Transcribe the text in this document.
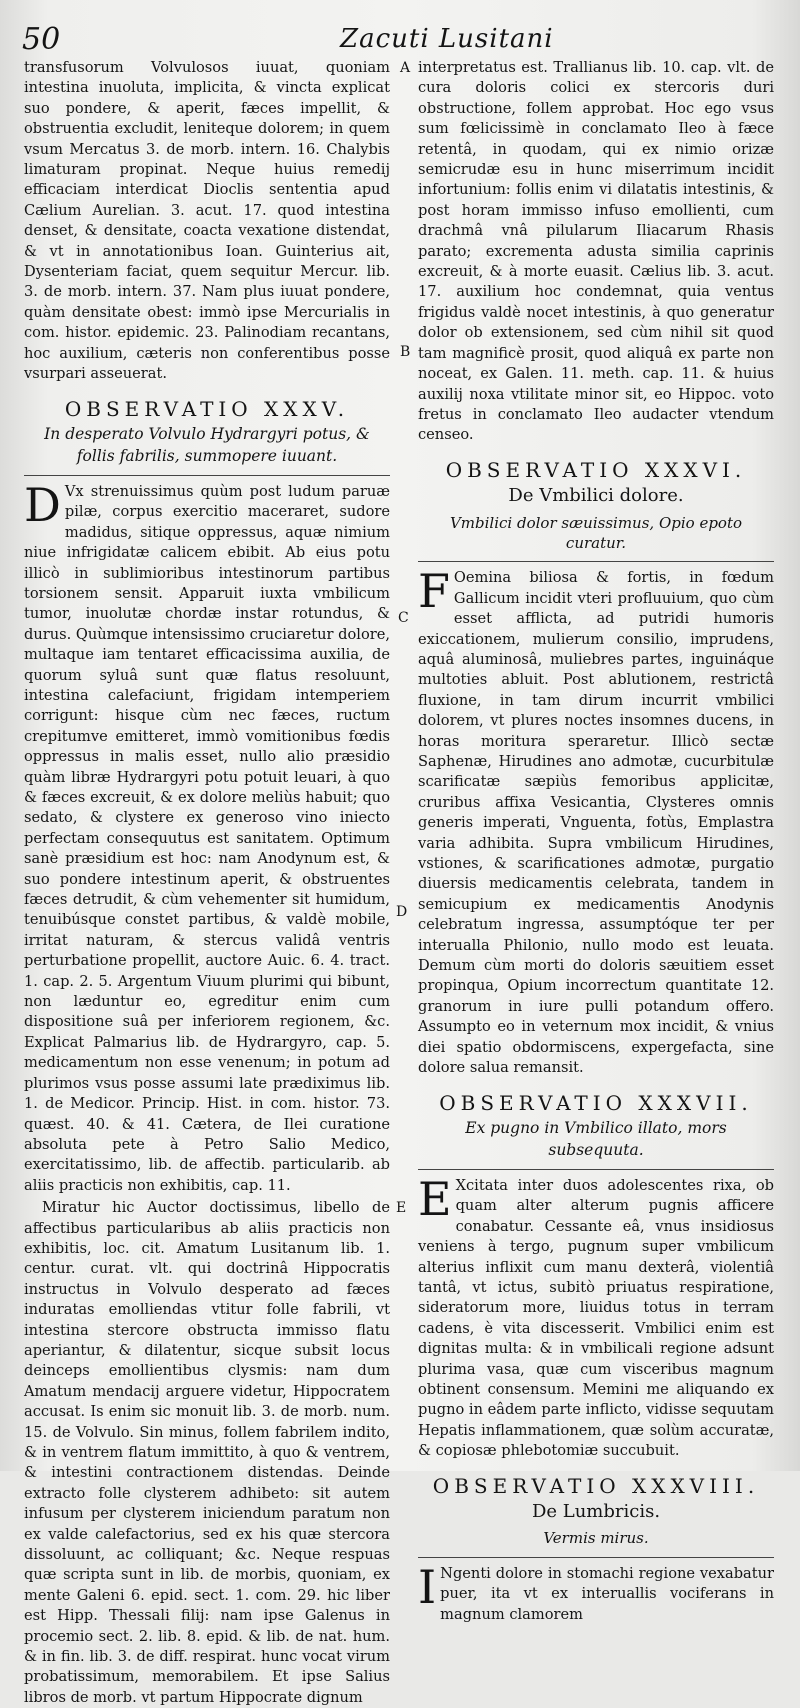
50	Zacuti Lusitani
A
B
C
D
E

transfusorum Volvulosos iuuat, quoniam intestina inuoluta, implicita, & vincta explicat suo pondere, & aperit, fæces impellit, & obstruentia excludit, leniteque dolorem; in quem vsum Mercatus 3. de morb. intern. 16. Chalybis limaturam propinat. Neque huius remedij efficaciam interdicat Dioclis sententia apud Cælium Aurelian. 3. acut. 17. quod intestina denset, & densitate, coacta vexatione distendat, & vt in annotationibus Ioan. Guinterius ait, Dysenteriam faciat, quem sequitur Mercur. lib. 3. de morb. intern. 37. Nam plus iuuat pondere, quàm densitate obest: immò ipse Mercurialis in com. histor. epidemic. 23. Palinodiam recantans, hoc auxilium, cæteris non conferentibus posse vsurpari asseuerat.

OBSERVATIO XXXV.
In desperato Volvulo Hydrargyri potus, & follis fabrilis, summopere iuuant.

D Vx strenuissimus quùm post ludum paruæ pilæ, corpus exercitio maceraret, sudore madidus, sitique oppressus, aquæ nimium niue infrigidatæ calicem ebibit. Ab eius potu illicò in sublimioribus intestinorum partibus torsionem sensit. Apparuit iuxta vmbilicum tumor, inuolutæ chordæ instar rotundus, & durus. Quùmque intensissimo cruciaretur dolore, multaque iam tentaret efficacissima auxilia, de quorum syluâ sunt quæ flatus resoluunt, intestina calefaciunt, frigidam intemperiem corrigunt: hisque cùm nec fæces, ructum crepitumve emitteret, immò vomitionibus fœdis oppressus in malis esset, nullo alio præsidio quàm libræ Hydrargyri potu potuit leuari, à quo & fæces excreuit, & ex dolore meliùs habuit; quo sedato, & clystere ex generoso vino iniecto perfectam consequutus est sanitatem. Optimum sanè præsidium est hoc: nam Anodynum est, & suo pondere intestinum aperit, & obstruentes fæces detrudit, & cùm vehementer sit humidum, tenuibúsque constet partibus, & valdè mobile, irritat naturam, & stercus validâ ventris perturbatione propellit, auctore Auic. 6. 4. tract. 1. cap. 2. 5. Argentum Viuum plurimi qui bibunt, non læduntur eo, egreditur enim cum dispositione suâ per inferiorem regionem, &c. Explicat Palmarius lib. de Hydrargyro, cap. 5. medicamentum non esse venenum; in potum ad plurimos vsus posse assumi late prædiximus lib. 1. de Medicor. Princip. Hist. in com. histor. 73. quæst. 40. & 41. Cætera, de Ilei curatione absoluta pete à Petro Salio Medico, exercitatissimo, lib. de affectib. particularib. ab aliis practicis non exhibitis, cap. 11.

Miratur hic Auctor doctissimus, libello de affectibus particularibus ab aliis practicis non exhibitis, loc. cit. Amatum Lusitanum lib. 1. centur. curat. vlt. qui doctrinâ Hippocratis instructus in Volvulo desperato ad fæces induratas emolliendas vtitur folle fabrili, vt intestina stercore obstructa immisso flatu aperiantur, & dilatentur, sicque subsit locus deinceps emollientibus clysmis: nam dum Amatum mendacij arguere videtur, Hippocratem accusat. Is enim sic monuit lib. 3. de morb. num. 15. de Volvulo. Sin minus, follem fabrilem indito, & in ventrem flatum immittito, à quo & ventrem, & intestini contractionem distendas. Deinde extracto folle clysterem adhibeto: sit autem infusum per clysterem iniciendum paratum non ex valde calefactorius, sed ex his quæ stercora dissoluunt, ac colliquant; &c. Neque respuas quæ scripta sunt in lib. de morbis, quoniam, ex mente Galeni 6. epid. sect. 1. com. 29. hic liber est Hipp. Thessali filij: nam ipse Galenus in procemio sect. 2. lib. 8. epid. & lib. de nat. hum. & in fin. lib. 3. de diff. respirat. hunc vocat virum probatissimum, memorabilem. Et ipse Salius libros de morb. vt partum Hippocrate dignum

interpretatus est. Trallianus lib. 10. cap. vlt. de cura doloris colici ex stercoris duri obstructione, follem approbat. Hoc ego vsus sum fœlicissimè in conclamato Ileo à fæce retentâ, in quodam, qui ex nimio orizæ semicrudæ esu in hunc miserrimum incidit infortunium: follis enim vi dilatatis intestinis, & post horam immisso infuso emollienti, cum drachmâ vnâ pilularum Iliacarum Rhasis parato; excrementa adusta similia caprinis excreuit, & à morte euasit. Cælius lib. 3. acut. 17. auxilium hoc condemnat, quia ventus frigidus valdè nocet intestinis, à quo generatur dolor ob extensionem, sed cùm nihil sit quod tam magnificè prosit, quod aliquâ ex parte non noceat, ex Galen. 11. meth. cap. 11. & huius auxilij noxa vtilitate minor sit, eo Hippoc. voto fretus in conclamato Ileo audacter vtendum censeo.

OBSERVATIO XXXVI.
De Vmbilici dolore.
Vmbilici dolor sæuissimus, Opio epoto curatur.

F Oemina biliosa & fortis, in fœdum Gallicum incidit vteri profluuium, quo cùm esset afflicta, ad putridi humoris exiccationem, mulierum consilio, imprudens, aquâ aluminosâ, muliebres partes, inguináque multoties abluit. Post ablutionem, restrictâ fluxione, in tam dirum incurrit vmbilici dolorem, vt plures noctes insomnes ducens, in horas moritura speraretur. Illicò sectæ Saphenæ, Hirudines ano admotæ, cucurbitulæ scarificatæ sæpiùs femoribus applicitæ, cruribus affixa Vesicantia, Clysteres omnis generis imperati, Vnguenta, fotùs, Emplastra varia adhibita. Supra vmbilicum Hirudines, vstiones, & scarificationes admotæ, purgatio diuersis medicamentis celebrata, tandem in semicupium ex medicamentis Anodynis celebratum ingressa, assumptóque ter per interualla Philonio, nullo modo est leuata. Demum cùm morti do doloris sæuitiem esset propinqua, Opium incorrectum quantitate 12. granorum in iure pulli potandum offero. Assumpto eo in veternum mox incidit, & vnius diei spatio obdormiscens, expergefacta, sine dolore salua remansit.

OBSERVATIO XXXVII.
Ex pugno in Vmbilico illato, mors subsequuta.

E Xcitata inter duos adolescentes rixa, ob quam alter alterum pugnis afficere conabatur. Cessante eâ, vnus insidiosus veniens à tergo, pugnum super vmbilicum alterius inflixit cum manu dexterâ, violentiâ tantâ, vt ictus, subitò priuatus respiratione, sideratorum more, liuidus totus in terram cadens, è vita discesserit. Vmbilici enim est dignitas multa: & in vmbilicali regione adsunt plurima vasa, quæ cum visceribus magnum obtinent consensum. Memini me aliquando ex pugno in eâdem parte inflicto, vidisse sequutam Hepatis inflammationem, quæ solùm accuratæ, & copiosæ phlebotomiæ succubuit.

OBSERVATIO XXXVIII.
De Lumbricis.
Vermis mirus.

I Ngenti dolore in stomachi regione vexabatur puer, ita vt ex interuallis vociferans in magnum clamorem
